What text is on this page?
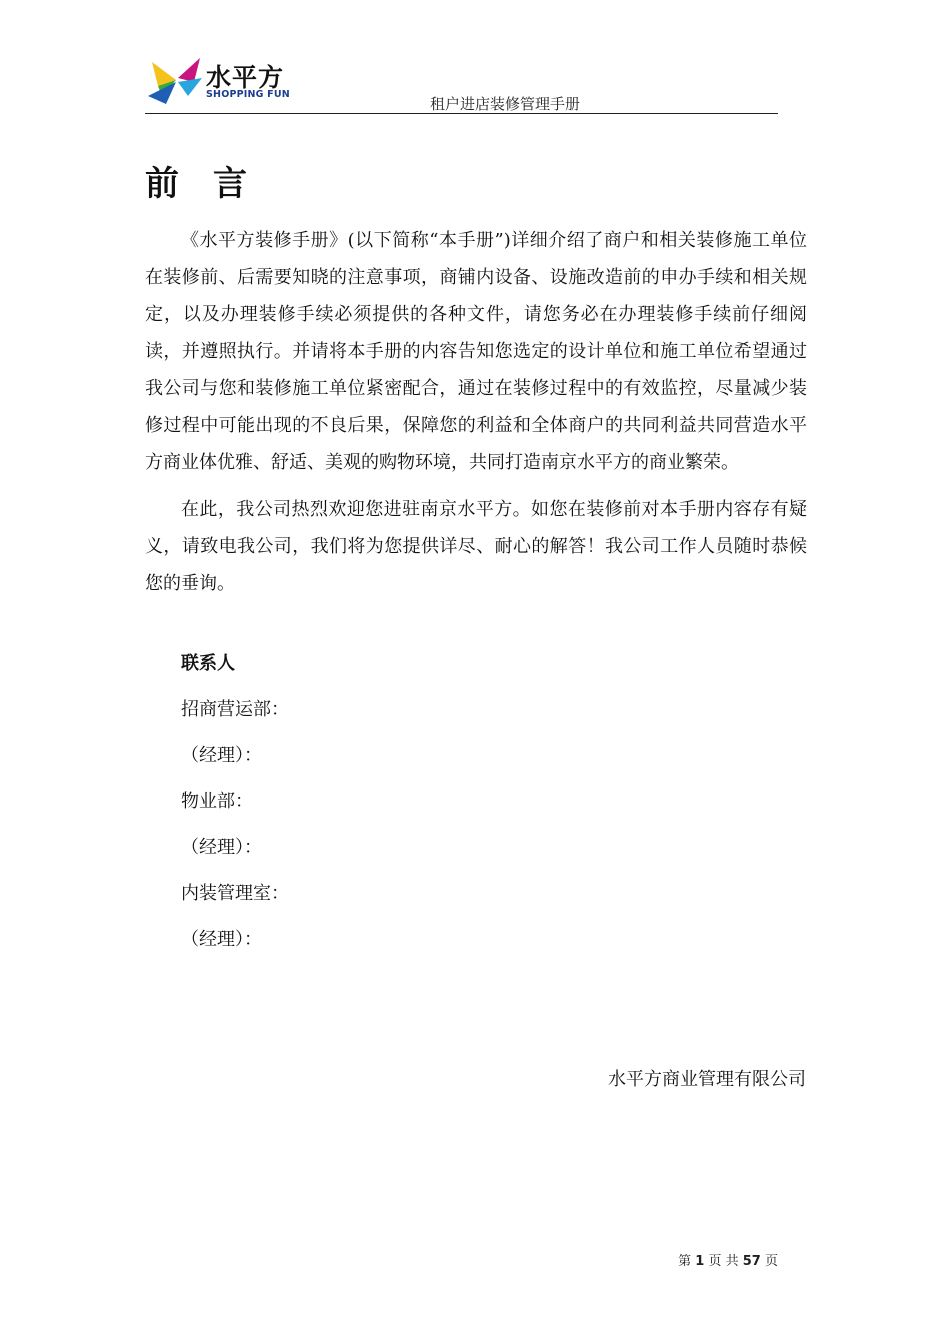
水平方
SHOPPING FUN
租户进店装修管理手册
前言

《水平方装修手册》(以下简称“本手册”)详细介绍了商户和相关装修施工单位在装修前、后需要知晓的注意事项，商铺内设备、设施改造前的申办手续和相关规定，以及办理装修手续必须提供的各种文件，请您务必在办理装修手续前仔细阅读，并遵照执行。并请将本手册的内容告知您选定的设计单位和施工单位希望通过我公司与您和装修施工单位紧密配合，通过在装修过程中的有效监控，尽量减少装修过程中可能出现的不良后果，保障您的利益和全体商户的共同利益共同营造水平方商业体优雅、舒适、美观的购物环境，共同打造南京水平方的商业繁荣。

在此，我公司热烈欢迎您进驻南京水平方。如您在装修前对本手册内容存有疑义，请致电我公司，我们将为您提供详尽、耐心的解答！我公司工作人员随时恭候您的垂询。

联系人
招商营运部：
（经理）：
物业部：
（经理）：
内装管理室：
（经理）：
水平方商业管理有限公司
第 1 页 共 57 页
